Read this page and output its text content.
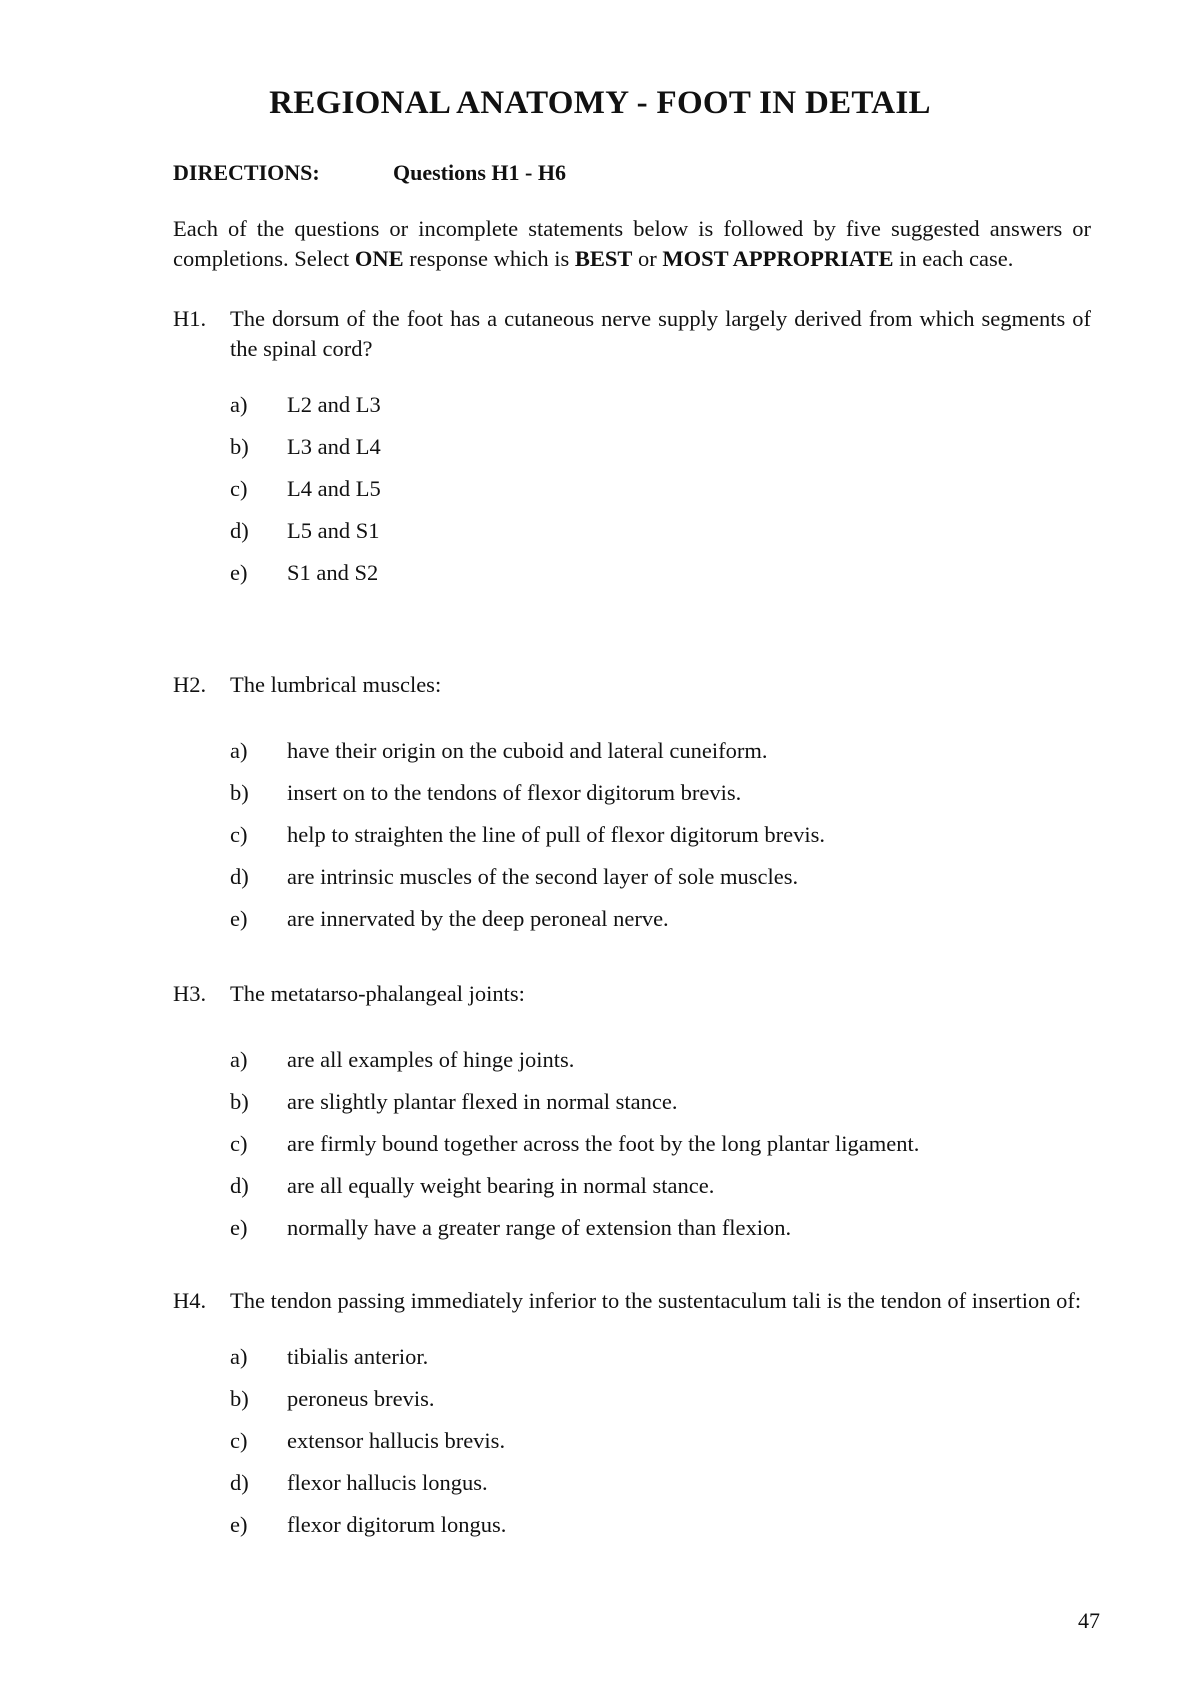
REGIONAL ANATOMY - FOOT IN DETAIL
DIRECTIONS:	Questions H1 - H6

Each of the questions or incomplete statements below is followed by five suggested answers or completions. Select ONE response which is BEST or MOST APPROPRIATE in each case.

H1.	The dorsum of the foot has a cutaneous nerve supply largely derived from which segments of the spinal cord?
a)	L2 and L3
b)	L3 and L4
c)	L4 and L5
d)	L5 and S1
e)	S1 and S2
H2.	The lumbrical muscles:
a)	have their origin on the cuboid and lateral cuneiform.
b)	insert on to the tendons of flexor digitorum brevis.
c)	help to straighten the line of pull of flexor digitorum brevis.
d)	are intrinsic muscles of the second layer of sole muscles.
e)	are innervated by the deep peroneal nerve.
H3.	The metatarso-phalangeal joints:
a)	are all examples of hinge joints.
b)	are slightly plantar flexed in normal stance.
c)	are firmly bound together across the foot by the long plantar ligament.
d)	are all equally weight bearing in normal stance.
e)	normally have a greater range of extension than flexion.
H4.	The tendon passing immediately inferior to the sustentaculum tali is the tendon of insertion of:
a)	tibialis anterior.
b)	peroneus brevis.
c)	extensor hallucis brevis.
d)	flexor hallucis longus.
e)	flexor digitorum longus.
47
